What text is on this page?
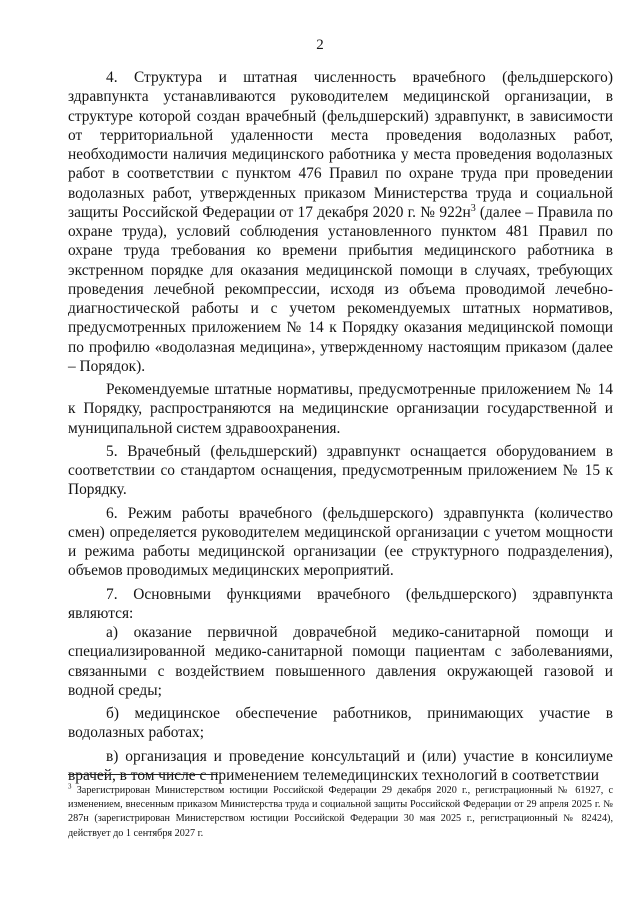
2

4. Структура и штатная численность врачебного (фельдшерского) здравпункта устанавливаются руководителем медицинской организации, в структуре которой создан врачебный (фельдшерский) здравпункт, в зависимости от территориальной удаленности места проведения водолазных работ, необходимости наличия медицинского работника у места проведения водолазных работ в соответствии с пунктом 476 Правил по охране труда при проведении водолазных работ, утвержденных приказом Министерства труда и социальной защиты Российской Федерации от 17 декабря 2020 г. № $922н^3$ (далее – Правила по охране труда), условий соблюдения установленного пунктом 481 Правил по охране труда требования ко времени прибытия медицинского работника в экстренном порядке для оказания медицинской помощи в случаях, требующих проведения лечебной рекомпрессии, исходя из объема проводимой лечебно-диагностической работы и с учетом рекомендуемых штатных нормативов, предусмотренных приложением № 14 к Порядку оказания медицинской помощи по профилю «водолазная медицина», утвержденному настоящим приказом (далее – Порядок).

Рекомендуемые штатные нормативы, предусмотренные приложением № 14 к Порядку, распространяются на медицинские организации государственной и муниципальной систем здравоохранения.

5. Врачебный (фельдшерский) здравпункт оснащается оборудованием в соответствии со стандартом оснащения, предусмотренным приложением № 15 к Порядку.

6. Режим работы врачебного (фельдшерского) здравпункта (количество смен) определяется руководителем медицинской организации с учетом мощности и режима работы медицинской организации (ее структурного подразделения), объемов проводимых медицинских мероприятий.

7. Основными функциями врачебного (фельдшерского) здравпункта являются:

а) оказание первичной доврачебной медико-санитарной помощи и специализированной медико-санитарной помощи пациентам с заболеваниями, связанными с воздействием повышенного давления окружающей газовой и водной среды;

б) медицинское обеспечение работников, принимающих участие в водолазных работах;

в) организация и проведение консультаций и (или) участие в консилиуме врачей, в том числе с применением телемедицинских технологий в соответствии

$^3$ Зарегистрирован Министерством юстиции Российской Федерации 29 декабря 2020 г., регистрационный № 61927, с изменением, внесенным приказом Министерства труда и социальной защиты Российской Федерации от 29 апреля 2025 г. № 287н (зарегистрирован Министерством юстиции Российской Федерации 30 мая 2025 г., регистрационный № 82424), действует до 1 сентября 2027 г.
